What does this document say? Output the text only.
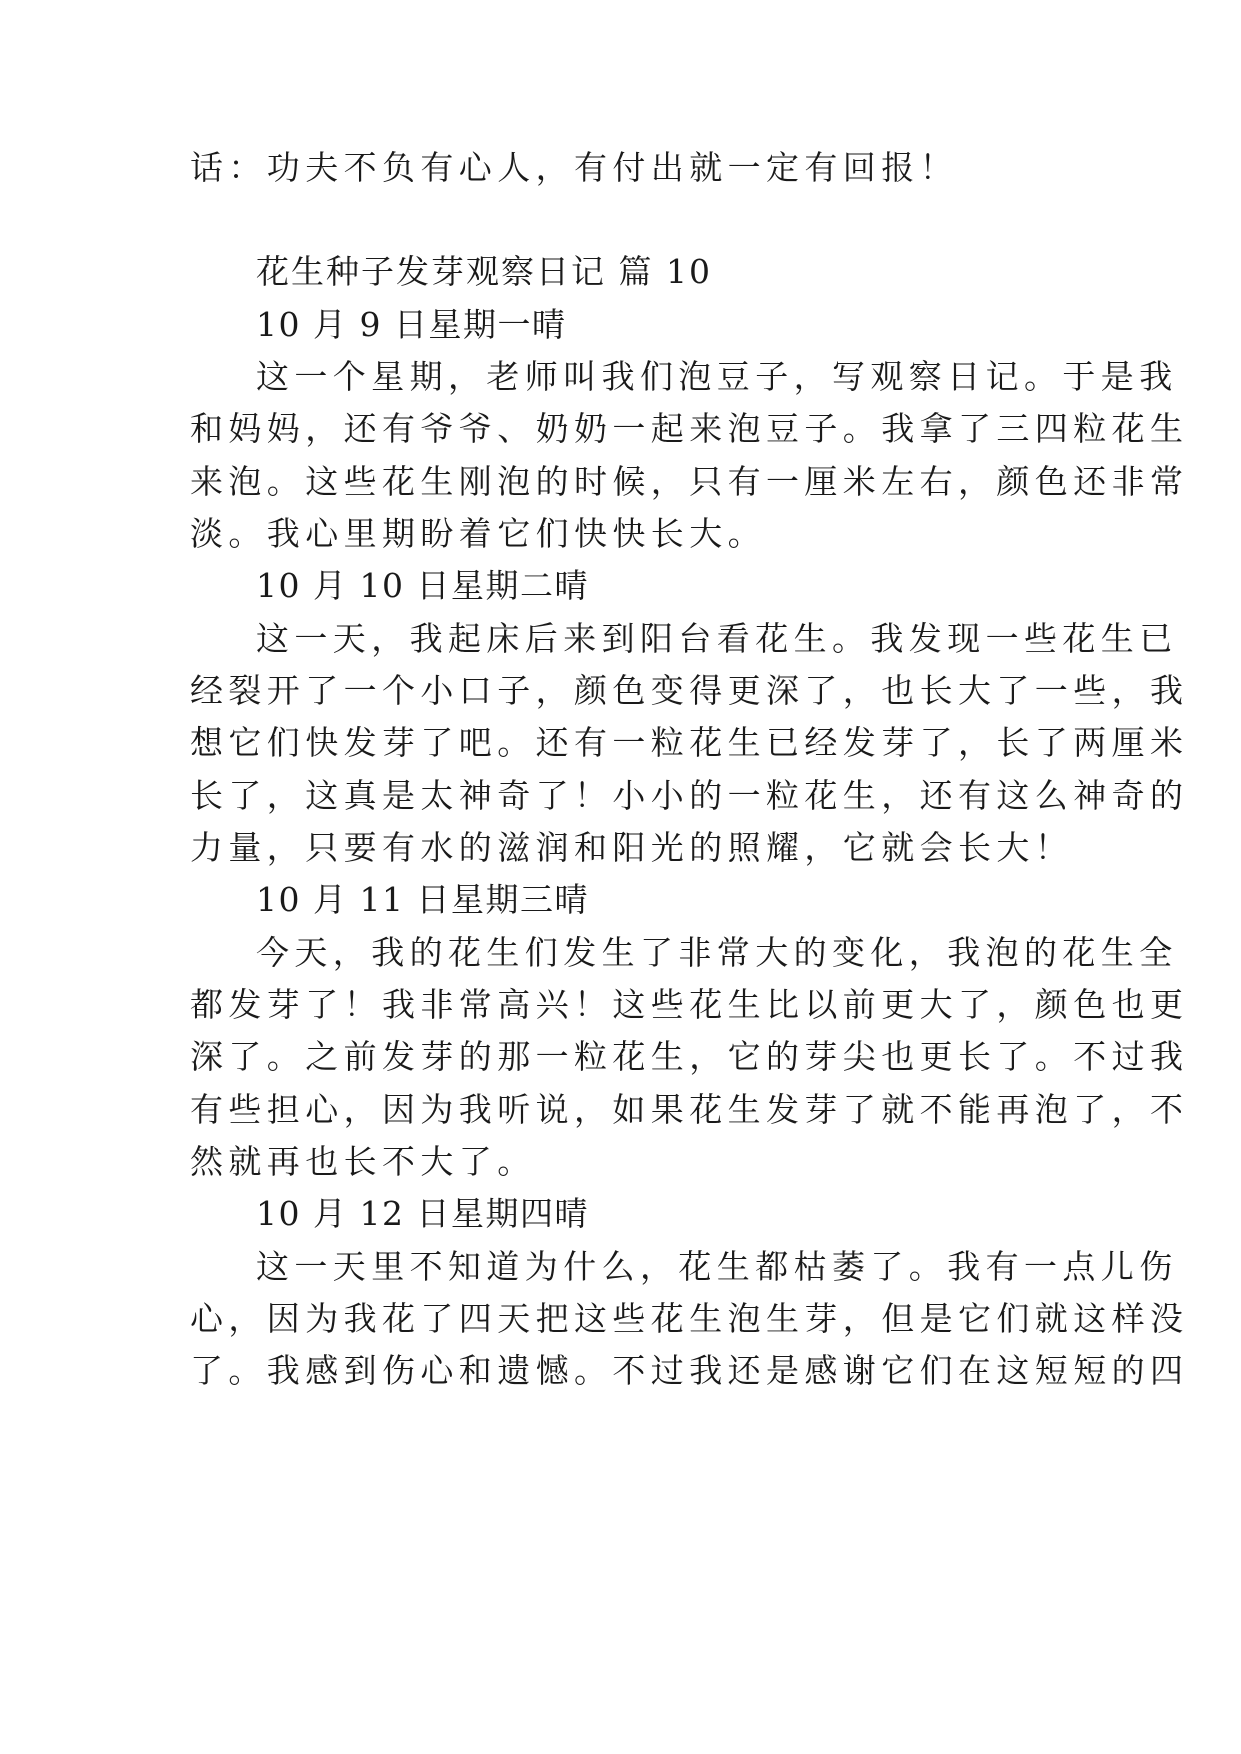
话：功夫不负有心人，有付出就一定有回报！
花生种子发芽观察日记 篇 10
10 月 9 日星期一晴
这一个星期，老师叫我们泡豆子，写观察日记。于是我
和妈妈，还有爷爷、奶奶一起来泡豆子。我拿了三四粒花生
来泡。这些花生刚泡的时候，只有一厘米左右，颜色还非常
淡。我心里期盼着它们快快长大。
10 月 10 日星期二晴
这一天，我起床后来到阳台看花生。我发现一些花生已
经裂开了一个小口子，颜色变得更深了，也长大了一些，我
想它们快发芽了吧。还有一粒花生已经发芽了，长了两厘米
长了，这真是太神奇了！小小的一粒花生，还有这么神奇的
力量，只要有水的滋润和阳光的照耀，它就会长大！
10 月 11 日星期三晴
今天，我的花生们发生了非常大的变化，我泡的花生全
都发芽了！我非常高兴！这些花生比以前更大了，颜色也更
深了。之前发芽的那一粒花生，它的芽尖也更长了。不过我
有些担心，因为我听说，如果花生发芽了就不能再泡了，不
然就再也长不大了。
10 月 12 日星期四晴
这一天里不知道为什么，花生都枯萎了。我有一点儿伤
心，因为我花了四天把这些花生泡生芽，但是它们就这样没
了。我感到伤心和遗憾。不过我还是感谢它们在这短短的四
